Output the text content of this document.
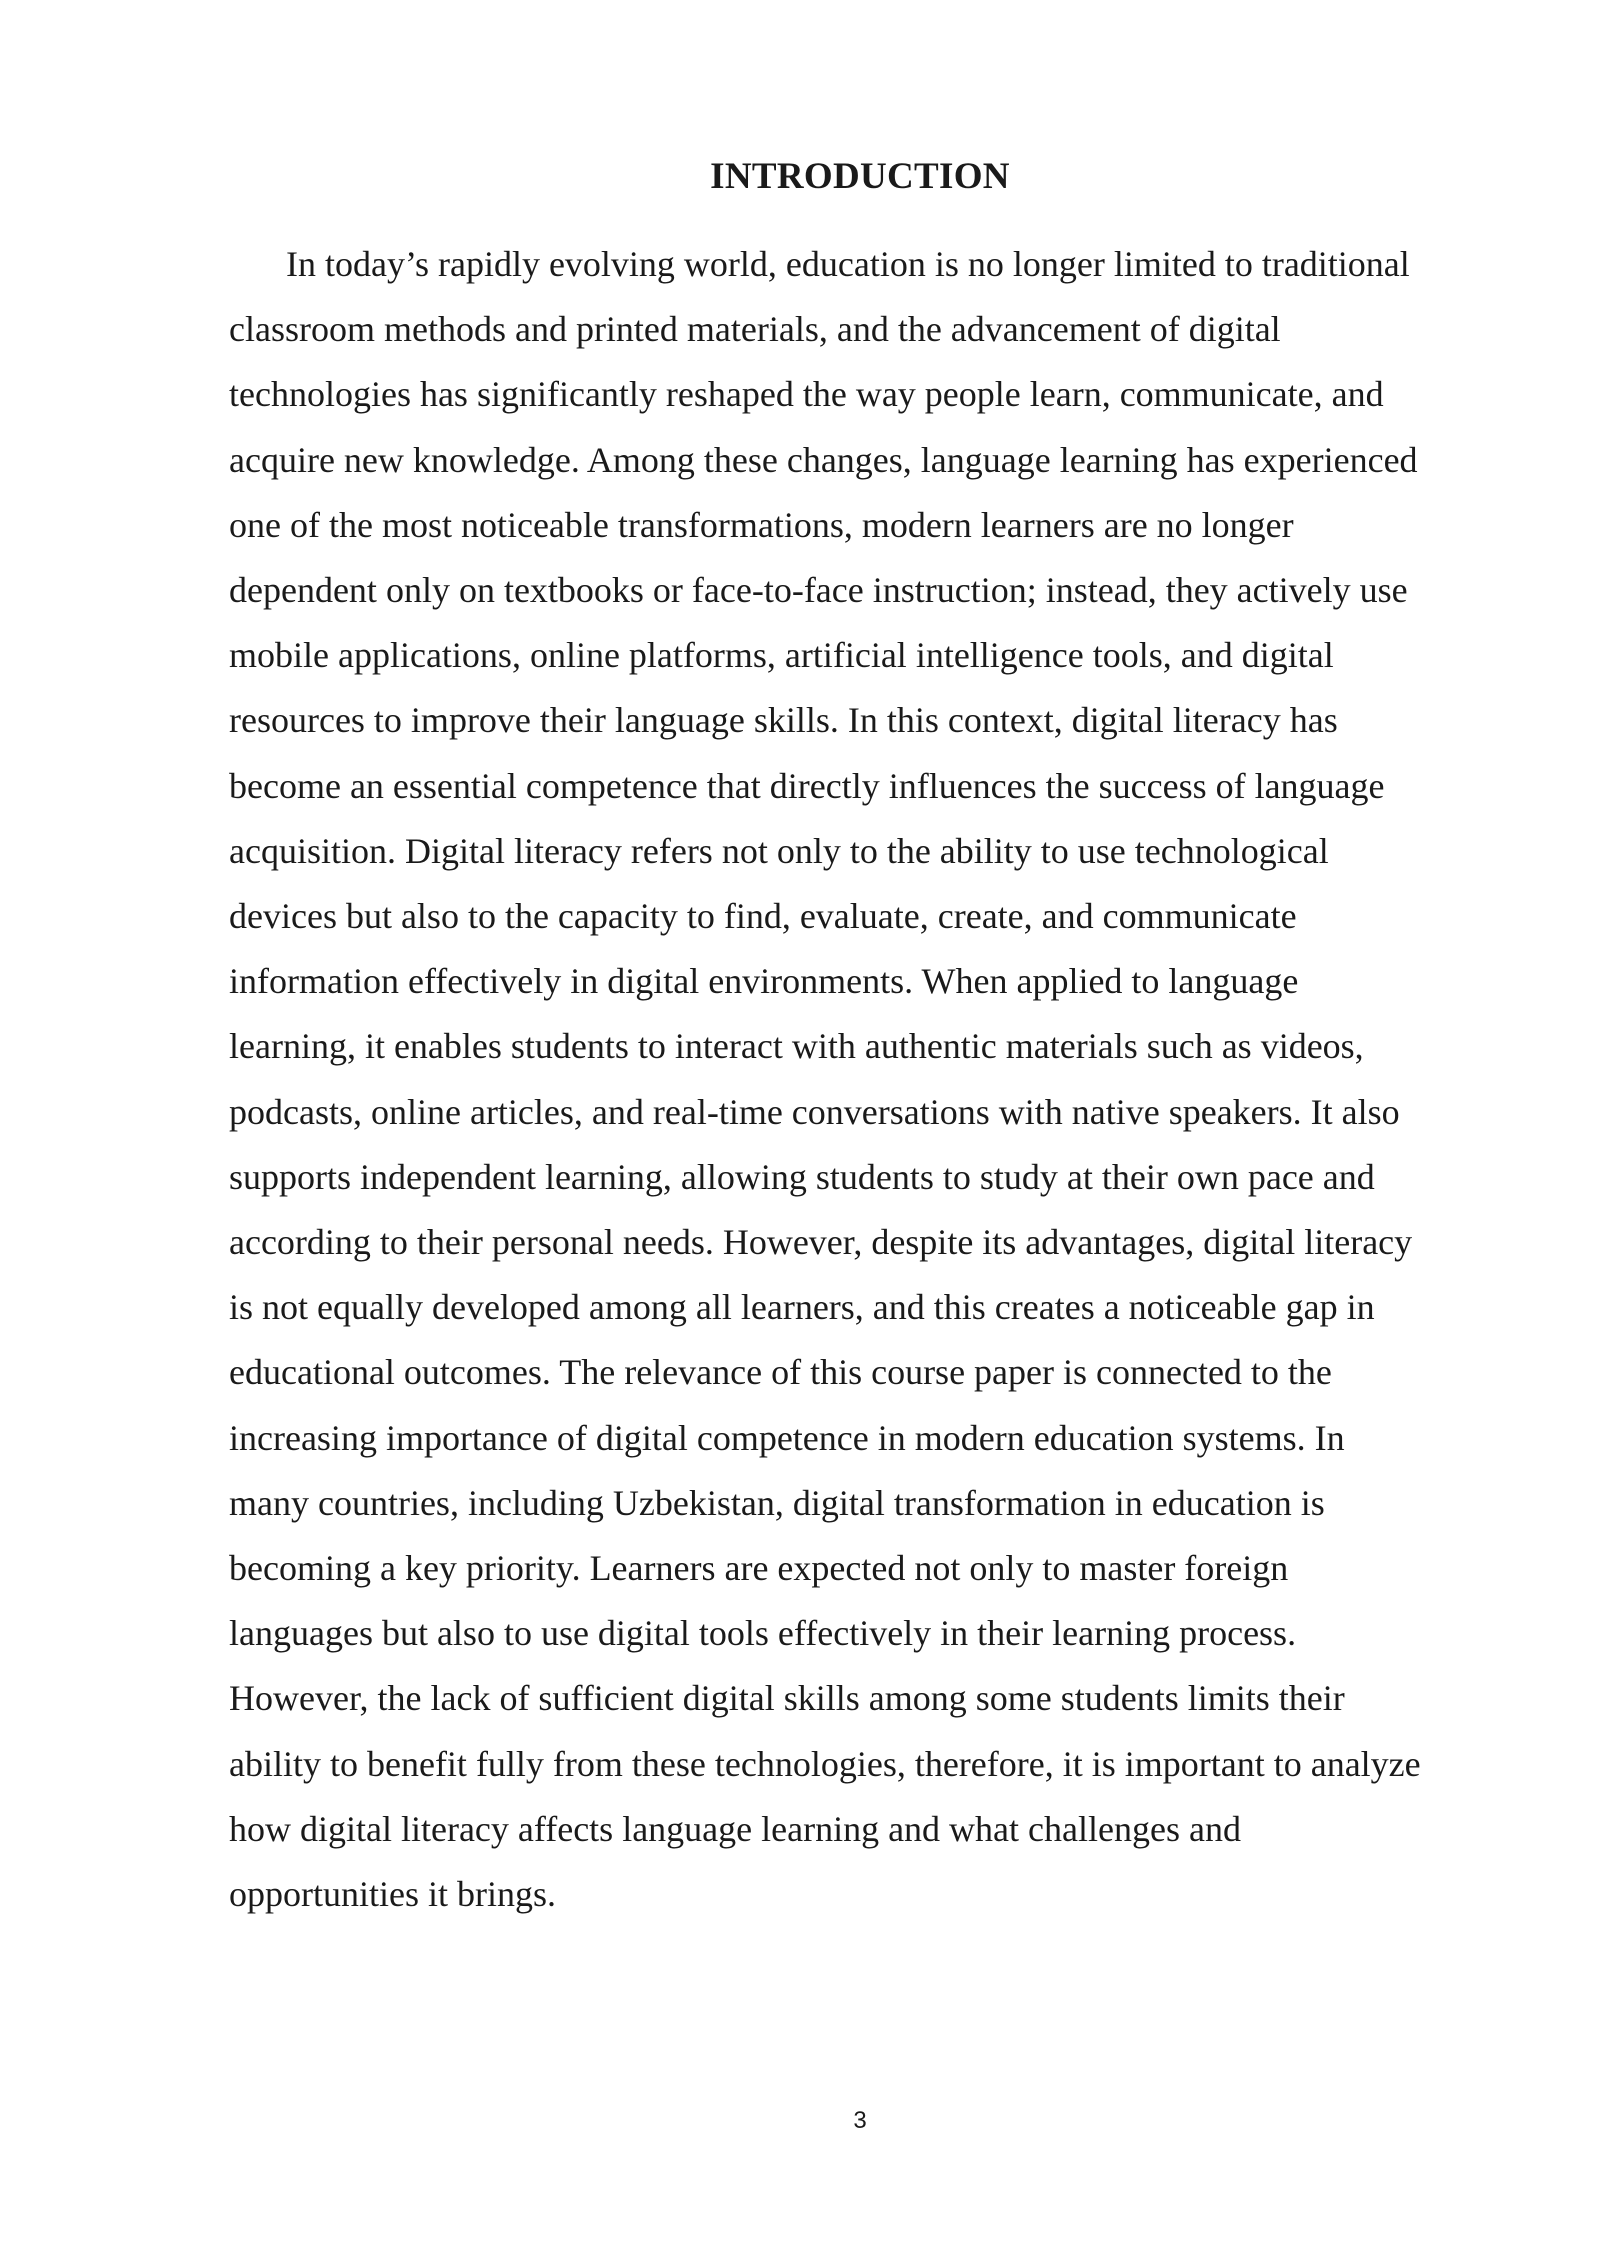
INTRODUCTION

In today’s rapidly evolving world, education is no longer limited to traditional
classroom methods and printed materials, and the advancement of digital
technologies has significantly reshaped the way people learn, communicate, and
acquire new knowledge. Among these changes, language learning has experienced
one of the most noticeable transformations, modern learners are no longer
dependent only on textbooks or face-to-face instruction; instead, they actively use
mobile applications, online platforms, artificial intelligence tools, and digital
resources to improve their language skills. In this context, digital literacy has
become an essential competence that directly influences the success of language
acquisition. Digital literacy refers not only to the ability to use technological
devices but also to the capacity to find, evaluate, create, and communicate
information effectively in digital environments. When applied to language
learning, it enables students to interact with authentic materials such as videos,
podcasts, online articles, and real-time conversations with native speakers. It also
supports independent learning, allowing students to study at their own pace and
according to their personal needs. However, despite its advantages, digital literacy
is not equally developed among all learners, and this creates a noticeable gap in
educational outcomes. The relevance of this course paper is connected to the
increasing importance of digital competence in modern education systems. In
many countries, including Uzbekistan, digital transformation in education is
becoming a key priority. Learners are expected not only to master foreign
languages but also to use digital tools effectively in their learning process.
However, the lack of sufficient digital skills among some students limits their
ability to benefit fully from these technologies, therefore, it is important to analyze
how digital literacy affects language learning and what challenges and
opportunities it brings.

3
